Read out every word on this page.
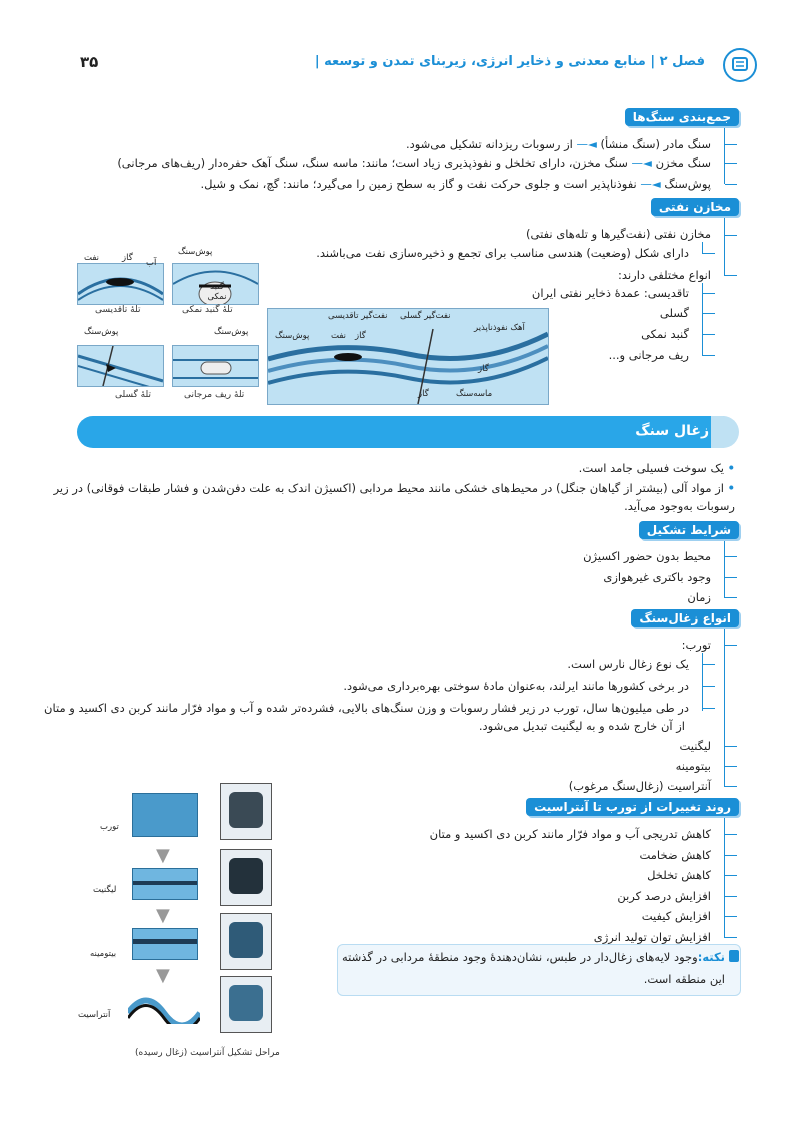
فصل ۲ | منابع معدنی و ذخایر انرژی، زیربنای تمدن و توسعه |
۳۵
جمع‌بندی سنگ‌ها
سنگ مادر (سنگ منشأ) ◄— از رسوبات ریزدانه تشکیل می‌شود.
سنگ مخزن ◄— سنگ مخزن، دارای تخلخل و نفوذپذیری زیاد است؛ مانند: ماسه سنگ، سنگ آهک حفره‌دار (ریف‌های مرجانی)
پوش‌سنگ ◄— نفوذناپذیر است و جلوی حرکت نفت و گاز به سطح زمین را می‌گیرد؛ مانند: گچ، نمک و شیل.
مخازن نفتی
مخازن نفتی (نفت‌گیرها و تله‌های نفتی)
دارای شکل (وضعیت) هندسی مناسب برای تجمع و ذخیره‌سازی نفت می‌باشند.
انواع مختلفی دارند:
تاقدیسی: عمدهٔ ذخایر نفتی ایران
گسلی
گنبد نمکی
ریف مرجانی و...
نفت	گاز آب
تلهٔ تاقدیسی
پوش‌سنگ
گنبد نمکی
تلهٔ گنبد نمکی
پوش‌سنگ
تلهٔ گسلی
پوش‌سنگ
تلهٔ ریف مرجانی
نفت‌گیر گسلی
نفت‌گیر تاقدیسی
پوش‌سنگ	گاز
نفت
آهک نفوذناپذیر
گاز
ماسه‌سنگ
گاز
زغال سنگ
• یک سوخت فسیلی جامد است.
• از مواد آلی (بیشتر از گیاهان جنگل) در محیط‌های خشکی مانند محیط مردابی (اکسیژن اندک به علت دفن‌شدن و فشار طبقات فوقانی) در زیر
رسوبات به‌وجود می‌آید.
شرایط تشکیل
محیط بدون حضور اکسیژن
وجود باکتری غیرهوازی
زمان
انواع زغال‌سنگ
تورب:
یک نوع زغال نارس است.
در برخی کشورها مانند ایرلند، به‌عنوان مادهٔ سوختی بهره‌برداری می‌شود.
در طی میلیون‌ها سال، تورب در زیر فشار رسوبات و وزن سنگ‌های بالایی، فشرده‌تر شده و آب و مواد فرّار مانند کربن دی اکسید و متان
از آن خارج شده و به لیگنیت تبدیل می‌شود.
لیگنیت
بیتومینه
آنتراسیت (زغال‌سنگ مرغوب)
روند تغییرات از تورب تا آنتراسیت
کاهش تدریجی آب و مواد فرّار مانند کربن دی اکسید و متان
کاهش ضخامت
کاهش تخلخل
افزایش درصد کربن
افزایش کیفیت
افزایش توان تولید انرژی
نکته:وجود لایه‌های زغال‌دار در طبس، نشان‌دهندهٔ وجود منطقهٔ مردابی در گذشته
این منطقه است.
▼
▼
▼
تورب
لیگنیت
بیتومینه
آنتراسیت
مراحل تشکیل آنتراسیت (زغال رسیده)
